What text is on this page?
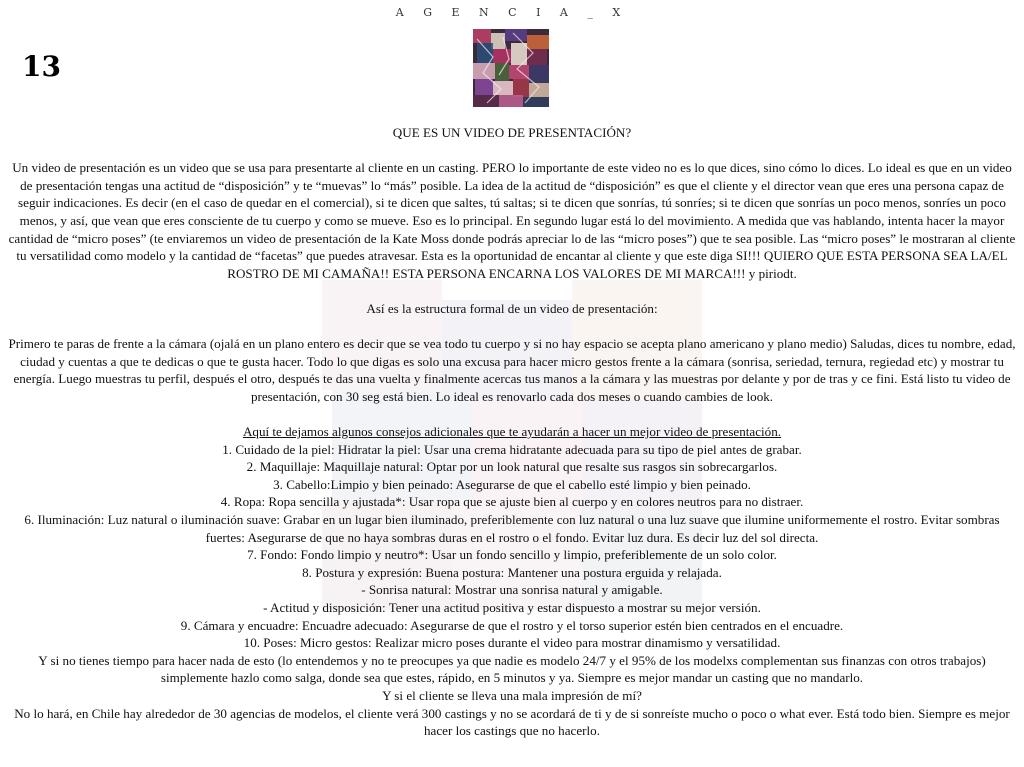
A G E N C I A _ X
13

QUE ES UN VIDEO DE PRESENTACIÓN?

Un video de presentación es un video que se usa para presentarte al cliente en un casting. PERO lo importante de este video no es lo que dices, sino cómo lo dices. Lo ideal es que en un video de presentación tengas una actitud de “disposición” y te “muevas” lo “más” posible. La idea de la actitud de “disposición” es que el cliente y el director vean que eres una persona capaz de seguir indicaciones. Es decir (en el caso de quedar en el comercial), si te dicen que saltes, tú saltas; si te dicen que sonrías, tú sonríes; si te dicen que sonrías un poco menos, sonríes un poco menos, y así, que vean que eres consciente de tu cuerpo y como se mueve. Eso es lo principal. En segundo lugar está lo del movimiento. A medida que vas hablando, intenta hacer la mayor cantidad de “micro poses” (te enviaremos un video de presentación de la Kate Moss donde podrás apreciar lo de las “micro poses”) que te sea posible. Las “micro poses” le mostraran al cliente tu versatilidad como modelo y la cantidad de “facetas” que puedes atravesar. Esta es la oportunidad de encantar al cliente y que este diga SI!!! QUIERO QUE ESTA PERSONA SEA LA/EL ROSTRO DE MI CAMAÑA!! ESTA PERSONA ENCARNA LOS VALORES DE MI MARCA!!! y piriodt.

Así es la estructura formal de un video de presentación:

Primero te paras de frente a la cámara (ojalá en un plano entero es decir que se vea todo tu cuerpo y si no hay espacio se acepta plano americano y plano medio) Saludas, dices tu nombre, edad, ciudad y cuentas a que te dedicas o que te gusta hacer. Todo lo que digas es solo una excusa para hacer micro gestos frente a la cámara (sonrisa, seriedad, ternura, regiedad etc) y mostrar tu energía. Luego muestras tu perfil, después el otro, después te das una vuelta y finalmente acercas tus manos a la cámara y las muestras por delante y por de tras y ce fini. Está listo tu video de presentación, con 30 seg está bien. Lo ideal es renovarlo cada dos meses o cuando cambies de look.

Aquí te dejamos algunos consejos adicionales que te ayudarán a hacer un mejor video de presentación.

1. Cuidado de la piel: Hidratar la piel: Usar una crema hidratante adecuada para su tipo de piel antes de grabar.

2. Maquillaje: Maquillaje natural: Optar por un look natural que resalte sus rasgos sin sobrecargarlos.

3. Cabello:Limpio y bien peinado: Asegurarse de que el cabello esté limpio y bien peinado.

4. Ropa: Ropa sencilla y ajustada*: Usar ropa que se ajuste bien al cuerpo y en colores neutros para no distraer.

6. Iluminación: Luz natural o iluminación suave: Grabar en un lugar bien iluminado, preferiblemente con luz natural o una luz suave que ilumine uniformemente el rostro. Evitar sombras fuertes: Asegurarse de que no haya sombras duras en el rostro o el fondo. Evitar luz dura. Es decir luz del sol directa.

7. Fondo: Fondo limpio y neutro*: Usar un fondo sencillo y limpio, preferiblemente de un solo color.

8. Postura y expresión: Buena postura: Mantener una postura erguida y relajada.

- Sonrisa natural: Mostrar una sonrisa natural y amigable.

- Actitud y disposición: Tener una actitud positiva y estar dispuesto a mostrar su mejor versión.

9. Cámara y encuadre: Encuadre adecuado: Asegurarse de que el rostro y el torso superior estén bien centrados en el encuadre.

10. Poses: Micro gestos: Realizar micro poses durante el video para mostrar dinamismo y versatilidad.

Y si no tienes tiempo para hacer nada de esto (lo entendemos y no te preocupes ya que nadie es modelo 24/7 y el 95% de los modelxs complementan sus finanzas con otros trabajos) simplemente hazlo como salga, donde sea que estes, rápido, en 5 minutos y ya. Siempre es mejor mandar un casting que no mandarlo.

Y si el cliente se lleva una mala impresión de mí?

No lo hará, en Chile hay alrededor de 30 agencias de modelos, el cliente verá 300 castings y no se acordará de ti y de si sonreíste mucho o poco o what ever. Está todo bien. Siempre es mejor hacer los castings que no hacerlo.
